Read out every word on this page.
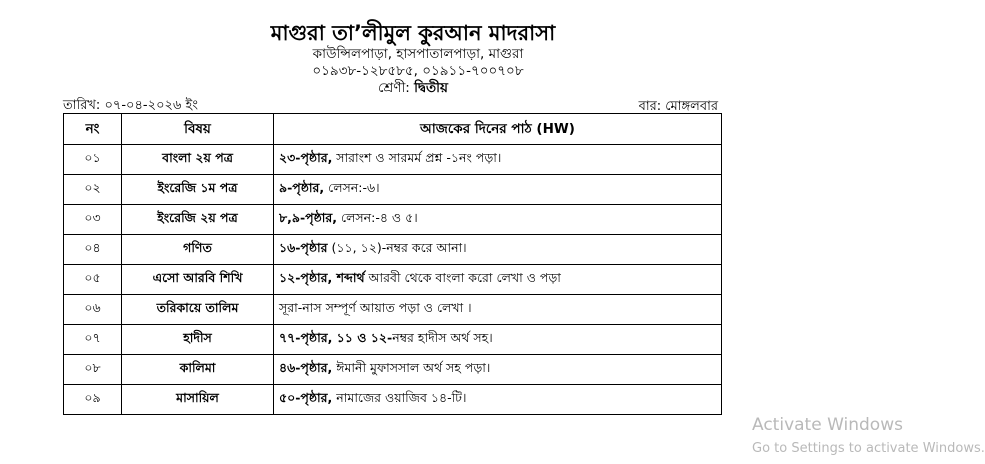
মাগুরা তা’লীমুল কুরআন মাদরাসা
কাউন্সিলপাড়া, হাসপাতালপাড়া, মাগুরা
০১৯৩৮-১২৮৫৮৫, ০১৯১১-৭০০৭০৮
শ্রেণী: দ্বিতীয়
তারিখ: ০৭-০৪-২০২৬ ইং	বার: মোঙ্গলবার
নং	বিষয়	আজকের দিনের পাঠ (HW)
০১	বাংলা ২য় পত্র	২৩-পৃষ্ঠার, সারাংশ ও সারমর্ম প্রশ্ন -১নং পড়া।
০২	ইংরেজি ১ম পত্র	৯-পৃষ্ঠার, লেসন:-৬।
০৩	ইংরেজি ২য় পত্র	৮,৯-পৃষ্ঠার, লেসন:-৪ ও ৫।
০৪	গণিত	১৬-পৃষ্ঠার (১১, ১২)-নম্বর করে আনা।
০৫	এসো আরবি শিখি	১২-পৃষ্ঠার, শব্দার্থ আরবী থেকে বাংলা করো লেখা ও পড়া
০৬	তরিকায়ে তালিম	সূরা-নাস সম্পূর্ণ আয়াত পড়া ও লেখা ।
০৭	হাদীস	৭৭-পৃষ্ঠার, ১১ ও ১২-নম্বর হাদীস অর্থ সহ।
০৮	কালিমা	৪৬-পৃষ্ঠার, ঈমানী মুফাসসাল অর্থ সহ পড়া।
০৯	মাসায়িল	৫০-পৃষ্ঠার, নামাজের ওয়াজিব ১৪-টি।
Activate Windows
Go to Settings to activate Windows.
